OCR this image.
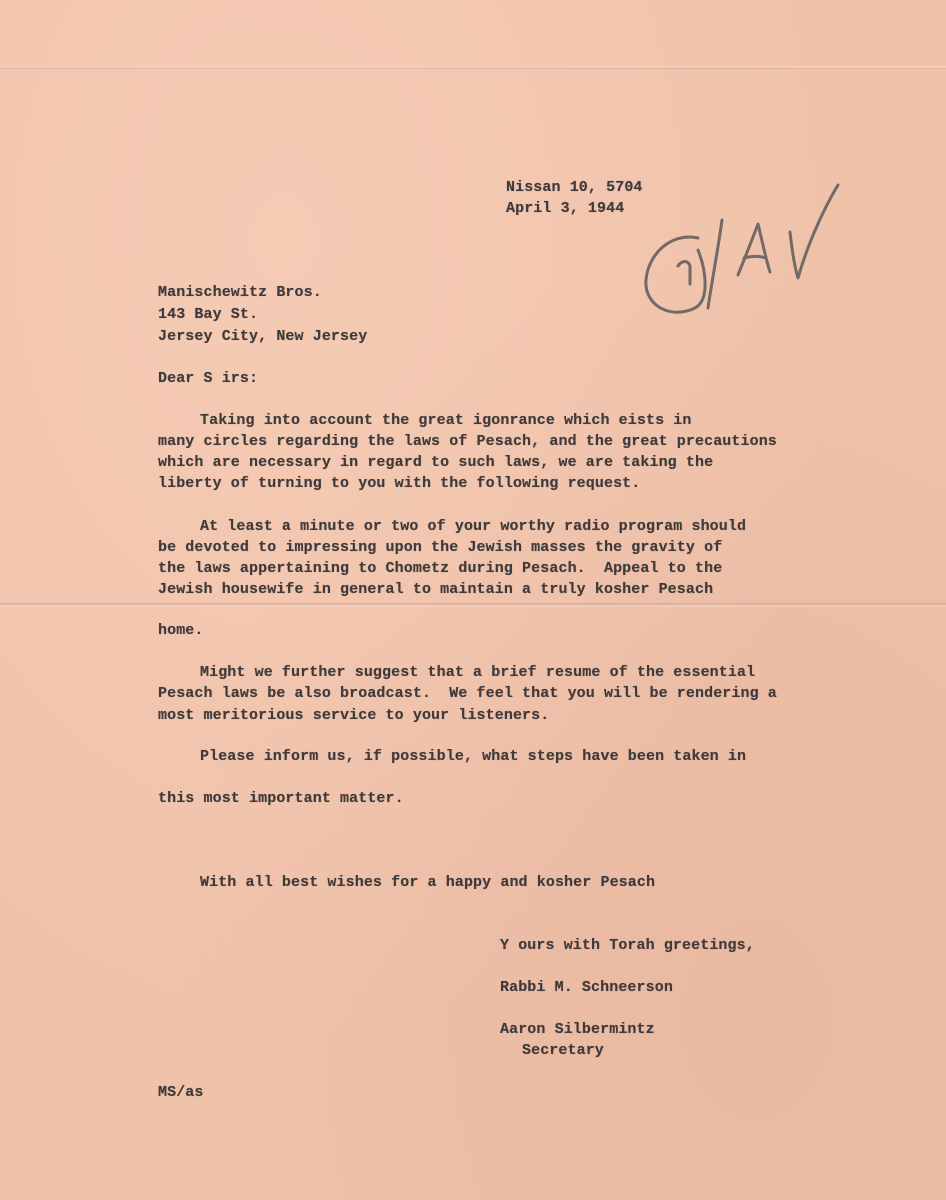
Nissan 10, 5704

April 3, 1944

Manischewitz Bros.

143 Bay St.

Jersey City, New Jersey

Dear S irs:

Taking into account the great igonrance which eists in

many circles regarding the laws of Pesach, and the great precautions

which are necessary in regard to such laws, we are taking the

liberty of turning to you with the following request.

At least a minute or two of your worthy radio program should

be devoted to impressing upon the Jewish masses the gravity of

the laws appertaining to Chometz during Pesach.  Appeal to the

Jewish housewife in general to maintain a truly kosher Pesach

home.

Might we further suggest that a brief resume of the essential

Pesach laws be also broadcast.  We feel that you will be rendering a

most meritorious service to your listeners.

Please inform us, if possible, what steps have been taken in

this most important matter.

With all best wishes for a happy and kosher Pesach

Y ours with Torah greetings,

Rabbi M. Schneerson

Aaron Silbermintz

Secretary

MS/as
